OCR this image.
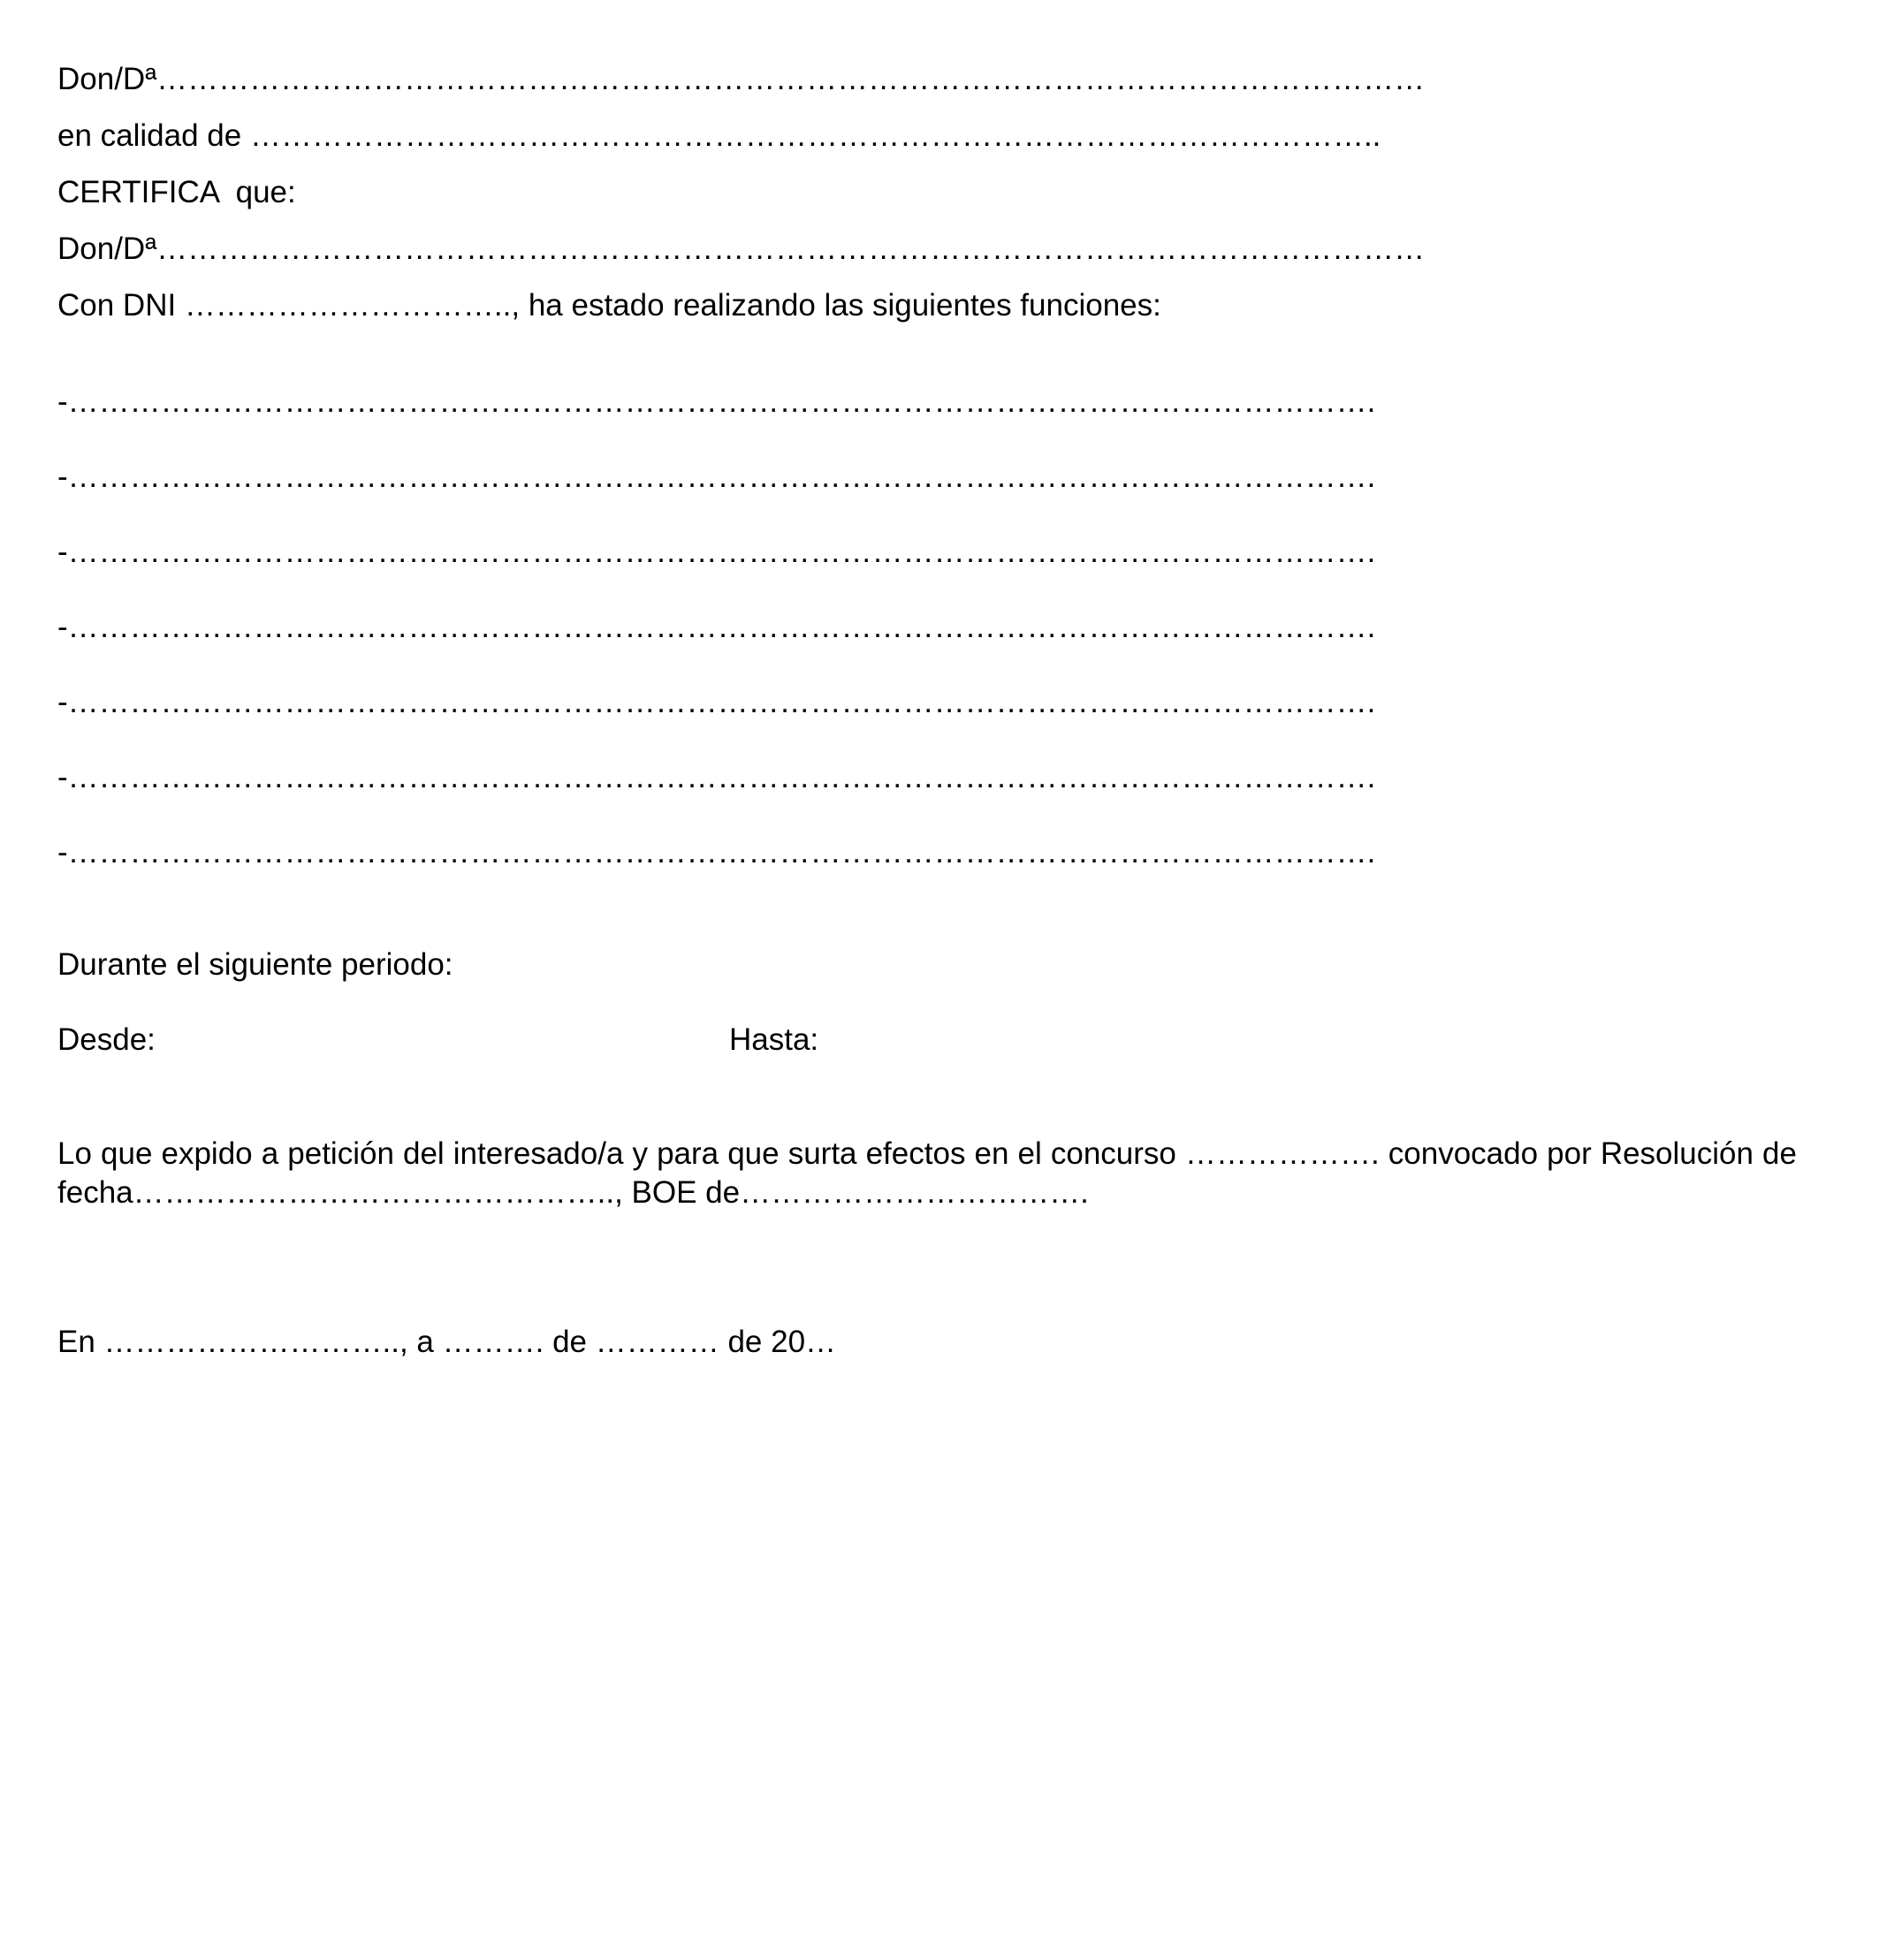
Don/Dª……………………………………………………………………………………………………………
en calidad de ………………………………………………………………………………………………..
CERTIFICA  que:
Don/Dª……………………………………………………………………………………………………………
Con DNI ………………………….., ha estado realizando las siguientes funciones:
-……………………………………………………………………………………………………………….
-……………………………………………………………………………………………………………….
-……………………………………………………………………………………………………………….
-……………………………………………………………………………………………………………….
-……………………………………………………………………………………………………………….
-……………………………………………………………………………………………………………….
-……………………………………………………………………………………………………………….
Durante el siguiente periodo:
Desde:	Hasta:
Lo que expido a petición del interesado/a y para que surta efectos en el concurso ………………. convocado por Resolución de fecha……………………………………….., BOE de…………………………….
En ……………………….., a ………. de ………… de 20…
